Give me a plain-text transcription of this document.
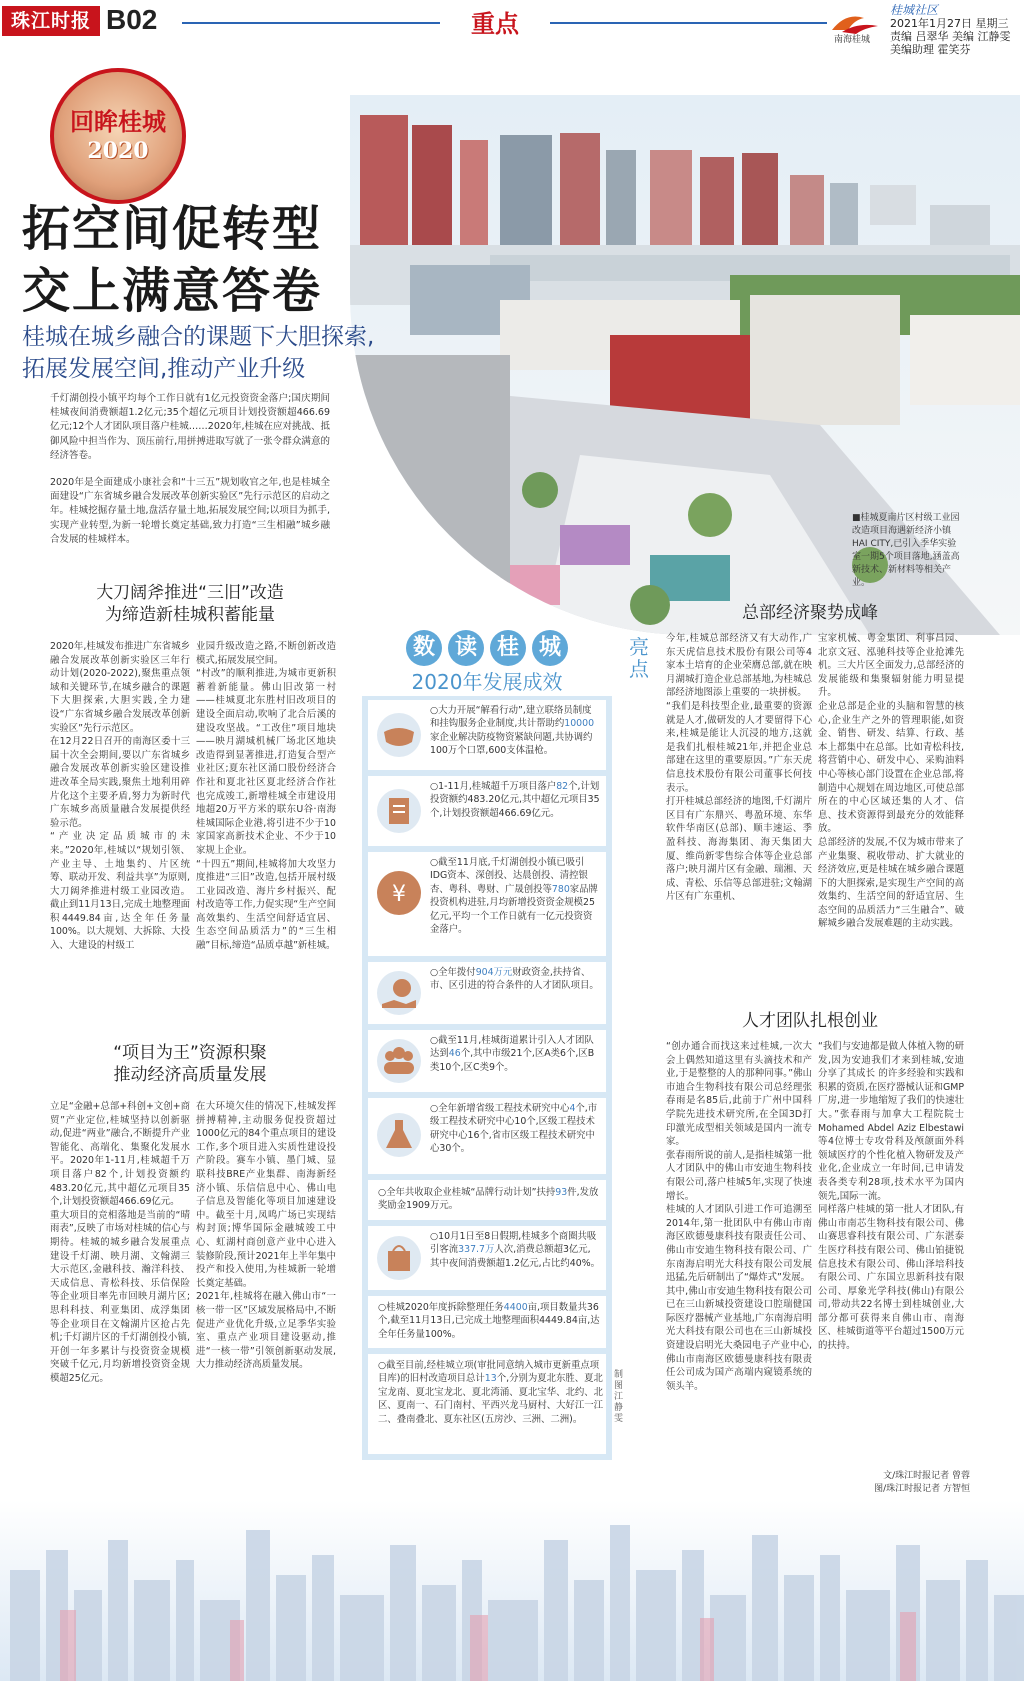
珠江时报 B02	重点
南海桂城
桂城社区
2021年1月27日 星期三
责编 吕翠华 美编 江静雯
美编助理 霍笑芬
回眸桂城
2020
拓空间促转型
交上满意答卷
桂城在城乡融合的课题下大胆探索,
拓展发展空间,推动产业升级
千灯湖创投小镇平均每个工作日就有1亿元投资资金落户;国庆期间桂城夜间消费额超1.2亿元;35个超亿元项目计划投资额超466.69亿元;12个人才团队项目落户桂城……2020年,桂城在应对挑战、抵御风险中担当作为、顶压前行,用拼搏进取写就了一张令群众满意的经济答卷。
2020年是全面建成小康社会和“十三五”规划收官之年,也是桂城全面建设“广东省城乡融合发展改革创新实验区”先行示范区的启动之年。桂城挖掘存量土地,盘活存量土地,拓展发展空间;以项目为抓手,实现产业转型,为新一轮增长奠定基础,致力打造“三生相融”城乡融合发展的桂城样本。
■桂城夏南片区村级工业园改造项目海遇新经济小镇HAI CITY,已引入季华实验室一期5个项目落地,涵盖高新技术、新材料等相关产业。
大刀阔斧推进“三旧”改造
为缔造新桂城积蓄能量
2020年,桂城发布推进广东省城乡融合发展改革创新实验区三年行动计划(2020-2022),聚焦重点领域和关键环节,在城乡融合的课题下大胆探索,大胆实践,全力建设“广东省城乡融合发展改革创新实验区”先行示范区。
在12月22日召开的南海区委十三届十次全会期间,要以广东省城乡融合发展改革创新实验区建设推进改革全局实践,聚焦土地利用碎片化这个主要矛盾,努力为新时代广东城乡高质量融合发展提供经验示范。
“产业决定品质城市的未来。”2020年,桂城以“规划引领、产业主导、土地集约、片区统筹、联动开发、利益共享”为原则,大刀阔斧推进村级工业园改造。截止到11月13日,完成土地整理面积4449.84亩,达全年任务量100%。以大规划、大拆除、大投入、大建设的村级工
业园升级改造之路,不断创新改造模式,拓展发展空间。
“村改”的顺利推进,为城市更新积蓄着新能量。佛山旧改第一村——桂城夏北东胜村旧改项目的建设全面启动,吹响了北合后溪的建设攻坚战。“工改住”项目地块——映月湖城机械厂场北区地块改造得到显著推进,打造复合型产业社区;夏东社区涌口股份经济合作社和夏北社区夏北经济合作社也完成竣工,新增桂城全市建设用地超20万平方米的联东U谷·南海桂城国际企业港,将引进不少于10家国家高新技术企业、不少于10家规上企业。
“十四五”期间,桂城将加大攻坚力度推进“三旧”改造,包括开展村级工业园改造、海片乡村振兴、配村改造等工作,力促实现“生产空间高效集约、生活空间舒适宜居、生态空间品质活力”的“三生相融”目标,缔造“品质卓越”新桂城。
“项目为王”资源积聚
推动经济高质量发展
立足“金融+总部+科创+文创+商贸”产业定位,桂城坚持以创新驱动,促进“两业”融合,不断提升产业智能化、高端化、集聚化发展水平。2020年1-11月,桂城超千万项目落户82个,计划投资额约483.20亿元,其中超亿元项目35个,计划投资额超466.69亿元。
重大项目的竞相落地是当前的“晴雨表”,反映了市场对桂城的信心与期待。桂城的城乡融合发展重点建设千灯湖、映月湖、文翰湖三大示范区,金融科技、瀚洋科技、天成信息、青松科技、乐信保险等企业项目率先市回映月湖片区;思科科技、利亚集团、成浮集团等企业项目在文翰湖片区抢占先机;千灯湖片区的千灯湖创投小镇,开创一年多累计与投资资金规模突破千亿元,月均新增投资资金规模超25亿元。
在大环境欠佳的情况下,桂城发挥拼搏精神,主动服务促投资超过1000亿元的84个重点项目的建设工作,多个项目进入实质性建设投产阶段。赛车小镇、墨门城、显联科技BRE产业集群、南海新经济小镇、乐信信息中心、佛山电子信息及智能化等项目加速建设中。截至十月,凤鸣广场已实现结构封顶;博华国际金融城竣工中心、虹湖村商创意产业中心进入装修阶段,预计2021年上半年集中投产和投入使用,为桂城新一轮增长奠定基础。
2021年,桂城将在融入佛山市“一核一带一区”区域发展格局中,不断促进产业优化升级,立足季华实验室、重点产业项目建设驱动,推进“一核一带”引领创新驱动发展,大力推动经济高质量发展。
数 读 桂 城
2020年发展成效
○大力开展“解看行动”,建立联络员制度和挂钩服务企业制度,共计帮助约10000家企业解决防疫物资紧缺问题,共协调约100万个口罩,600支体温枪。
○1-11月,桂城超千万项目落户82个,计划投资额约483.20亿元,其中超亿元项目35个,计划投资额超466.69亿元。
¥
○截至11月底,千灯湖创投小镇已吸引IDG资本、深创投、达晨创投、清控银杏、粤科、粤财、广晟创投等780家品牌投资机构进驻,月均新增投资资金规模25亿元,平均一个工作日就有一亿元投资资金落户。
○全年拨付904万元财政资金,扶持省、市、区引进的符合条件的人才团队项目。
○截至11月,桂城街道累计引入人才团队达到46个,其中市级21个,区A类6个,区B类10个,区C类9个。
○全年新增省级工程技术研究中心4个,市级工程技术研究中心10个,区级工程技术研究中心16个,省市区级工程技术研究中心30个。
○全年共收取企业桂城“品牌行动计划”扶持93件,发放奖励金1909万元。
○10月1日至8日假期,桂城多个商圈共吸引客流337.7万人次,消费总额超3亿元,其中夜间消费额超1.2亿元,占比约40%。
○桂城2020年度拆除整理任务4400亩,项目数量共36个,截至11月13日,已完成土地整理面积4449.84亩,达全年任务量100%。
○截至目前,经桂城立项(审批同意纳入城市更新重点项目库)的旧村改造项目总计13个,分别为夏北东胜、夏北宝龙南、夏北宝龙北、夏北湾涌、夏北宝华、北约、北区、夏南一、石门南村、平西兴龙马厨村、大好江一江二、叠南叠北、夏东社区(五房沙、三洲、二洲)。
亮点
制图 江静雯
总部经济聚势成峰
今年,桂城总部经济又有大动作,广东天虎信息技术股份有限公司等4家本土培育的企业荣膺总部,就在映月湖城打造企业总部基地,为桂城总部经济地图添上重要的一块拼板。
“我们是科技型企业,最重要的资源就是人才,做研发的人才要留得下心来,桂城是能让人沉浸的地方,这就是我们扎根桂城21年,并把企业总部建在这里的重要原因。”广东天虎信息技术股份有限公司董事长何技表示。
打开桂城总部经济的地图,千灯湖片区目有广东鼎兴、粤盈环境、东华软件华南区(总部)、顺丰速运、季盈科技、海海集团、海天集团大厦、维尚新零售综合体等企业总部落户;映月湖片区有金融、瑞湘、天成、青松、乐信等总部进驻;文翰湖片区有广东重机、
宝家机械、粤金集团、利事昌园、北京文冠、泓驰科技等企业抢滩先机。三大片区全面发力,总部经济的发展能级和集聚辐射能力明显提升。
企业总部是企业的头脑和智慧的核心,企业生产之外的管理职能,如资金、销售、研发、结算、行政、基本上都集中在总部。比如青松科技,将营销中心、研发中心、采购油料中心等核心部门设置在企业总部,将制造中心规划在周边地区,可使总部所在的中心区域还集的人才、信息、技术资源得到最充分的效能释放。
总部经济的发展,不仅为城市带来了产业集聚、税收带动、扩大就业的经济效应,更是桂城在城乡融合课题下的大胆探索,是实现生产空间的高效集约、生活空间的舒适宜居、生态空间的品质活力“三生融合”、破解城乡融合发展难题的主动实践。
人才团队扎根创业
“创办通合而找这来过桂城,一次大会上偶然知道这里有头滴技术和产业,于是整整的人的那种同事。”佛山市迪合生物科技有限公司总经理张春雨是名85后,此前于广州中国科学院先进技术研究所,在全国3D打印激光成型相关领域是国内一流专家。
张春雨所说的前人,是指桂城第一批人才团队中的佛山市安迪生物科技有限公司,落户桂城5年,实现了快速增长。
桂城的人才团队引进工作可追溯至2014年,第一批团队中有佛山市南海区欧德曼康科技有限责任公司、佛山市安迪生物科技有限公司、广东南海启明光大科技有限公司发展迅猛,先后研制出了“爆炸式”发展。
其中,佛山市安迪生物科技有限公司已在三山新城投资建设口腔瑞健国际医疗器械产业基地,广东南海启明光大科技有限公司也在三山新城投资建设启明光大桑园电子产业中心,佛山市南海区欧德曼康科技有限责任公司成为国产高端内窥镜系统的领头羊。
“我们与安迪都是做人体植入物的研发,因为安迪我们才来到桂城,安迪分享了其成长 的许多经验和实践和积累的资质,在医疗器械认证和GMP厂房,进一步地缩短了我们的快速壮大。”张春雨与加拿大工程院院士Mohamed Abdel Aziz Elbestawi等4位博士专攻骨科及颅颌面外科领域医疗的个性化植入物研发及产业化,企业成立一年时间,已申请发表各类专利28项,技术水平为国内领先,国际一流。
同样落户桂城的第一批人才团队,有佛山市南芯生物科技有限公司、佛山赛思睿科技有限公司、广东湛泰生医疗科技有限公司、佛山铂捷锐信息技术有限公司、佛山泽培科技有限公司、广东国立思新科技有限公司、厚象光学科技(佛山)有限公司,带动共22名博士到桂城创业,大部分都可获得来自佛山市、南海区、桂城街道等平台超过1500万元的扶持。
文/珠江时报记者 曾蓉
图/珠江时报记者 方智恒
